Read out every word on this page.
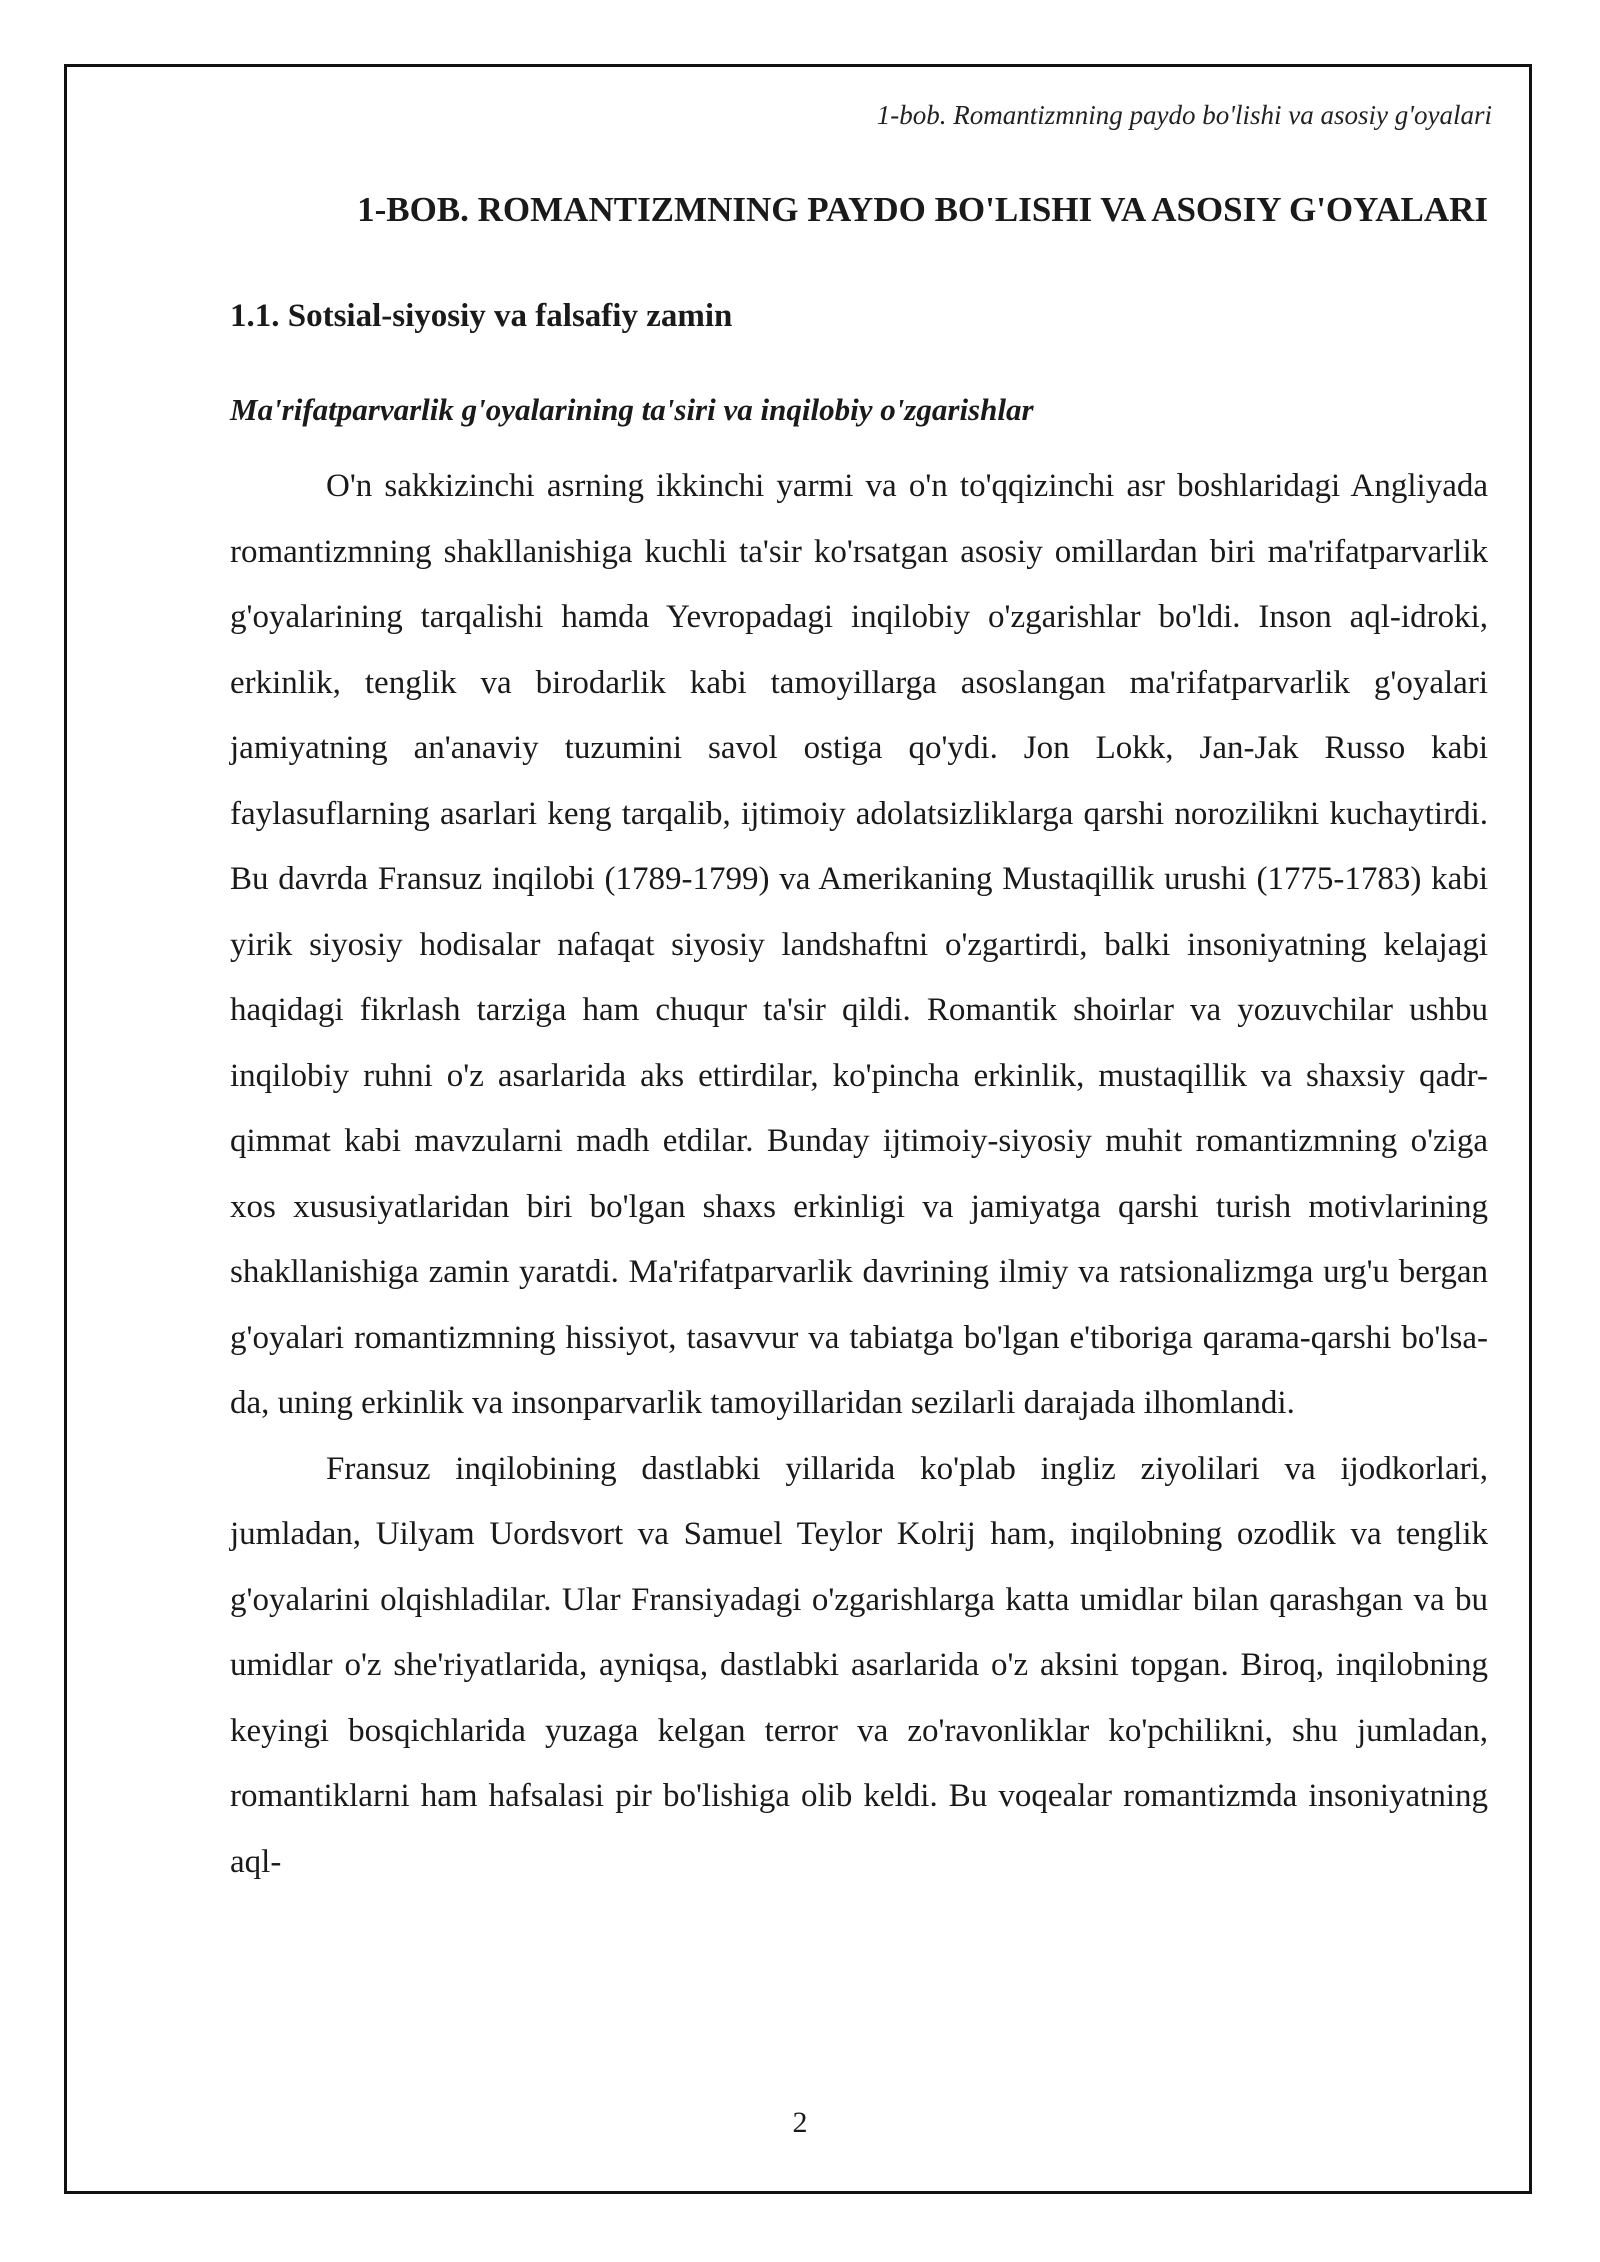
1-bob. Romantizmning paydo bo'lishi va asosiy g'oyalari
1-BOB. ROMANTIZMNING PAYDO BO'LISHI VA ASOSIY G'OYALARI
1.1. Sotsial-siyosiy va falsafiy zamin
Ma'rifatparvarlik g'oyalarining ta'siri va inqilobiy o'zgarishlar

O'n sakkizinchi asrning ikkinchi yarmi va o'n to'qqizinchi asr boshlaridagi Angliyada romantizmning shakllanishiga kuchli ta'sir ko'rsatgan asosiy omillardan biri ma'rifatparvarlik g'oyalarining tarqalishi hamda Yevropadagi inqilobiy o'zgarishlar bo'ldi. Inson aql-idroki, erkinlik, tenglik va birodarlik kabi tamoyillarga asoslangan ma'rifatparvarlik g'oyalari jamiyatning an'anaviy tuzumini savol ostiga qo'ydi. Jon Lokk, Jan-Jak Russo kabi faylasuflarning asarlari keng tarqalib, ijtimoiy adolatsizliklarga qarshi norozilikni kuchaytirdi. Bu davrda Fransuz inqilobi (1789-1799) va Amerikaning Mustaqillik urushi (1775-1783) kabi yirik siyosiy hodisalar nafaqat siyosiy landshaftni o'zgartirdi, balki insoniyatning kelajagi haqidagi fikrlash tarziga ham chuqur ta'sir qildi. Romantik shoirlar va yozuvchilar ushbu inqilobiy ruhni o'z asarlarida aks ettirdilar, ko'pincha erkinlik, mustaqillik va shaxsiy qadr-qimmat kabi mavzularni madh etdilar. Bunday ijtimoiy-siyosiy muhit romantizmning o'ziga xos xususiyatlaridan biri bo'lgan shaxs erkinligi va jamiyatga qarshi turish motivlarining shakllanishiga zamin yaratdi. Ma'rifatparvarlik davrining ilmiy va ratsionalizmga urg'u bergan g'oyalari romantizmning hissiyot, tasavvur va tabiatga bo'lgan e'tiboriga qarama-qarshi bo'lsa-da, uning erkinlik va insonparvarlik tamoyillaridan sezilarli darajada ilhomlandi.

Fransuz inqilobining dastlabki yillarida ko'plab ingliz ziyolilari va ijodkorlari, jumladan, Uilyam Uordsvort va Samuel Teylor Kolrij ham, inqilobning ozodlik va tenglik g'oyalarini olqishladilar. Ular Fransiyadagi o'zgarishlarga katta umidlar bilan qarashgan va bu umidlar o'z she'riyatlarida, ayniqsa, dastlabki asarlarida o'z aksini topgan. Biroq, inqilobning keyingi bosqichlarida yuzaga kelgan terror va zo'ravonliklar ko'pchilikni, shu jumladan, romantiklarni ham hafsalasi pir bo'lishiga olib keldi. Bu voqealar romantizmda insoniyatning aql-

2
